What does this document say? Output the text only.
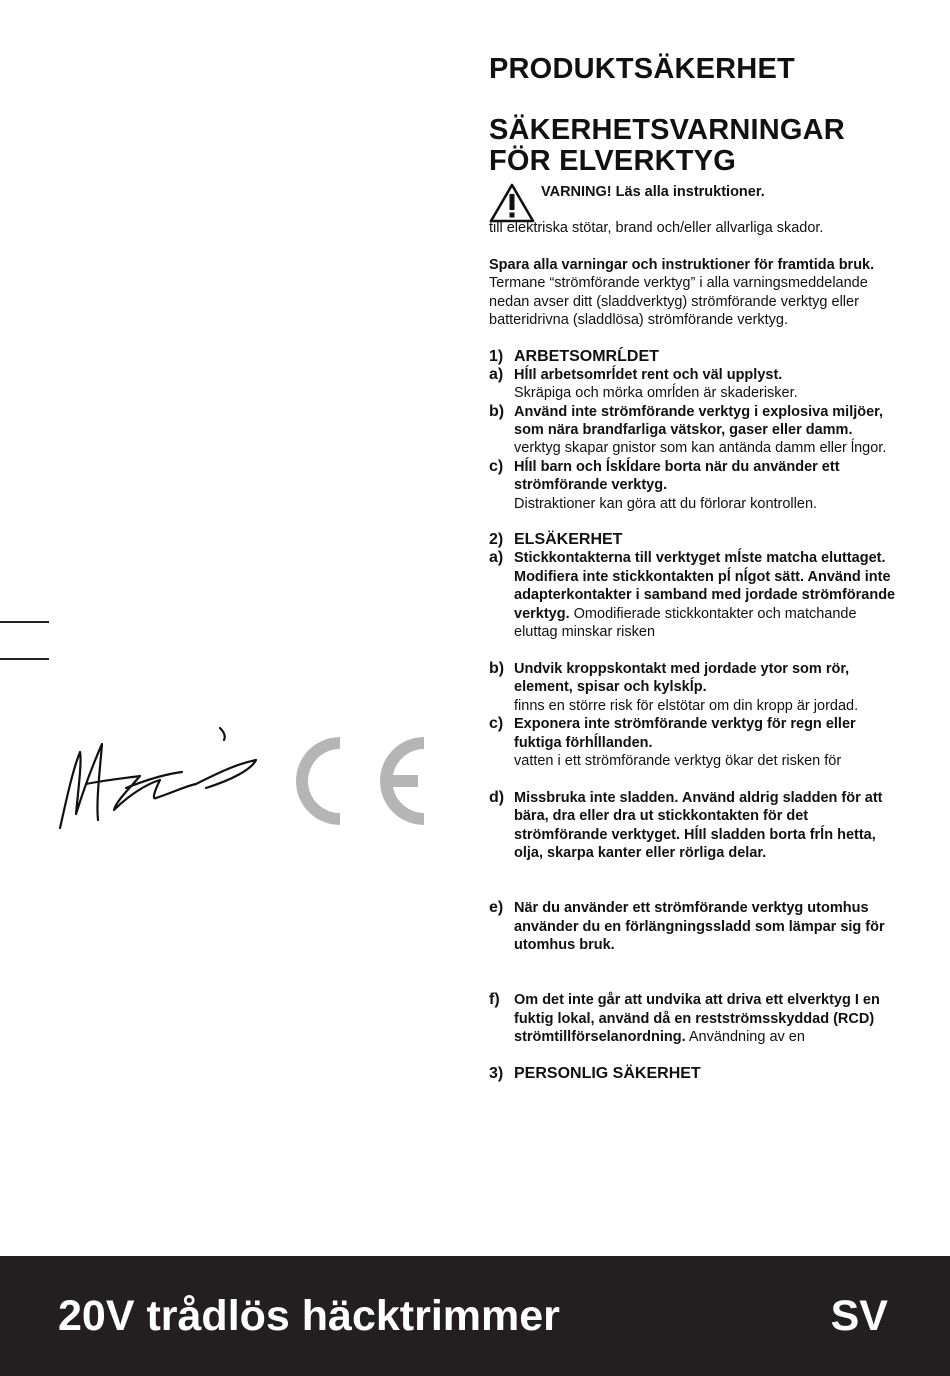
PRODUKTSÄKERHET
SÄKERHETSVARNINGAR FÖR ELVERKTYG
VARNING! Läs alla instruktioner.

till elektriska stötar, brand och/eller allvarliga skador.

Spara alla varningar och instruktioner för framtida bruk.

Termane “strömförande verktyg” i alla varningsmeddelande nedan avser ditt (sladdverktyg) strömförande verktyg eller batteridrivna (sladdlösa) strömförande verktyg.

1) ARBETSOMRĹDET
a) HĺIl arbetsomrĺdet rent och väl upplyst.

Skräpiga och mörka omrĺden är skaderisker.

b) Använd inte strömförande verktyg i explosiva miljöer, som nära brandfarliga vätskor, gaser eller damm.

verktyg skapar gnistor som kan antända damm eller ĺngor.

c) HĺIl barn och ĺskĺdare borta när du använder ett strömförande verktyg.

Distraktioner kan göra att du förlorar kontrollen.

2) ELSÄKERHET
a) Stickkontakterna till verktyget mĺste matcha eluttaget. Modifiera inte stickkontakten pĺ nĺgot sätt. Använd inte adapterkontakter i samband med jordade strömförande verktyg. Omodifierade stickkontakter och matchande eluttag minskar risken

b) Undvik kroppskontakt med jordade ytor som rör, element, spisar och kylskĺp.

finns en större risk för elstötar om din kropp är jordad.

c) Exponera inte strömförande verktyg för regn eller fuktiga förhĺllanden.

vatten i ett strömförande verktyg ökar det risken för

d) Missbruka inte sladden. Använd aldrig sladden för att bära, dra eller dra ut stickkontakten för det strömförande verktyget. HĺIl sladden borta frĺn hetta, olja, skarpa kanter eller rörliga delar.

e) När du använder ett strömförande verktyg utomhus använder du en förlängningssladd som lämpar sig för utomhus bruk.

f) Om det inte går att undvika att driva ett elverktyg I en fuktig lokal, använd då en restströmsskyddad (RCD) strömtillförselanordning. Användning av en

3) PERSONLIG SÄKERHET
20V trådlös häcktrimmer	SV
